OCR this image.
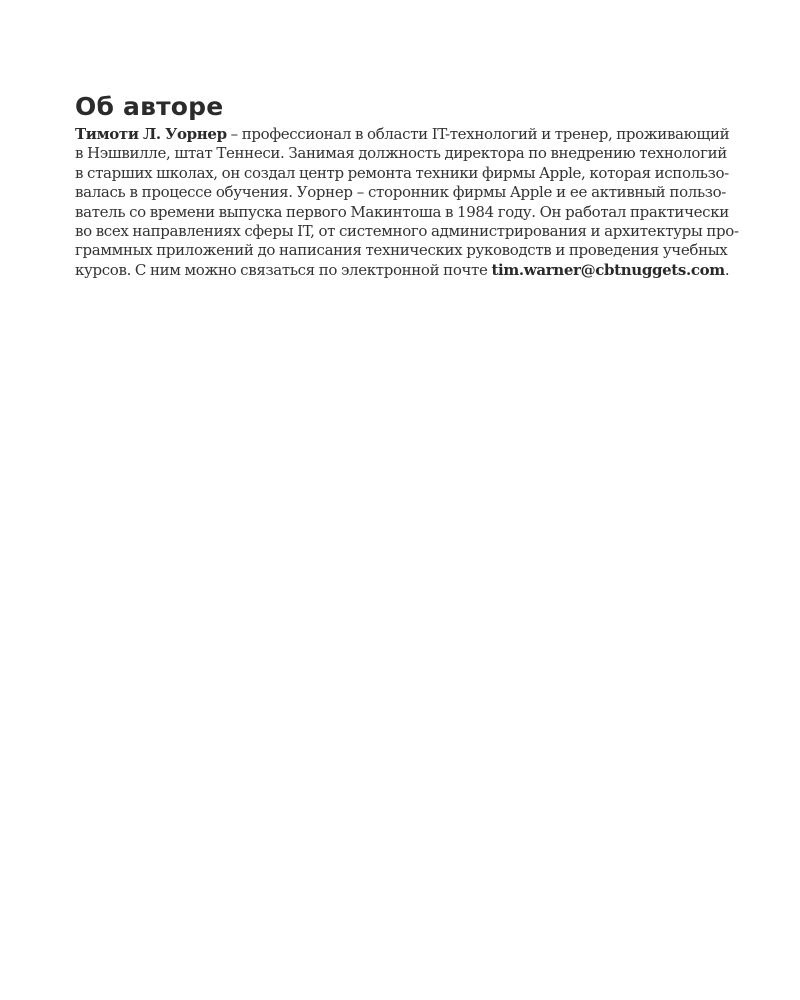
Об авторе

Тимоти Л. Уорнер – профессионал в области IT-технологий и тренер, проживающий
в Нэшвилле, штат Теннеси. Занимая должность директора по внедрению технологий
в старших школах, он создал центр ремонта техники фирмы Apple, которая использо-
валась в процессе обучения. Уорнер – сторонник фирмы Apple и ее активный пользо-
ватель со времени выпуска первого Макинтоша в 1984 году. Он работал практически
во всех направлениях сферы IT, от системного администрирования и архитектуры про-
граммных приложений до написания технических руководств и проведения учебных
курсов. С ним можно связаться по электронной почте tim.warner@cbtnuggets.com.
